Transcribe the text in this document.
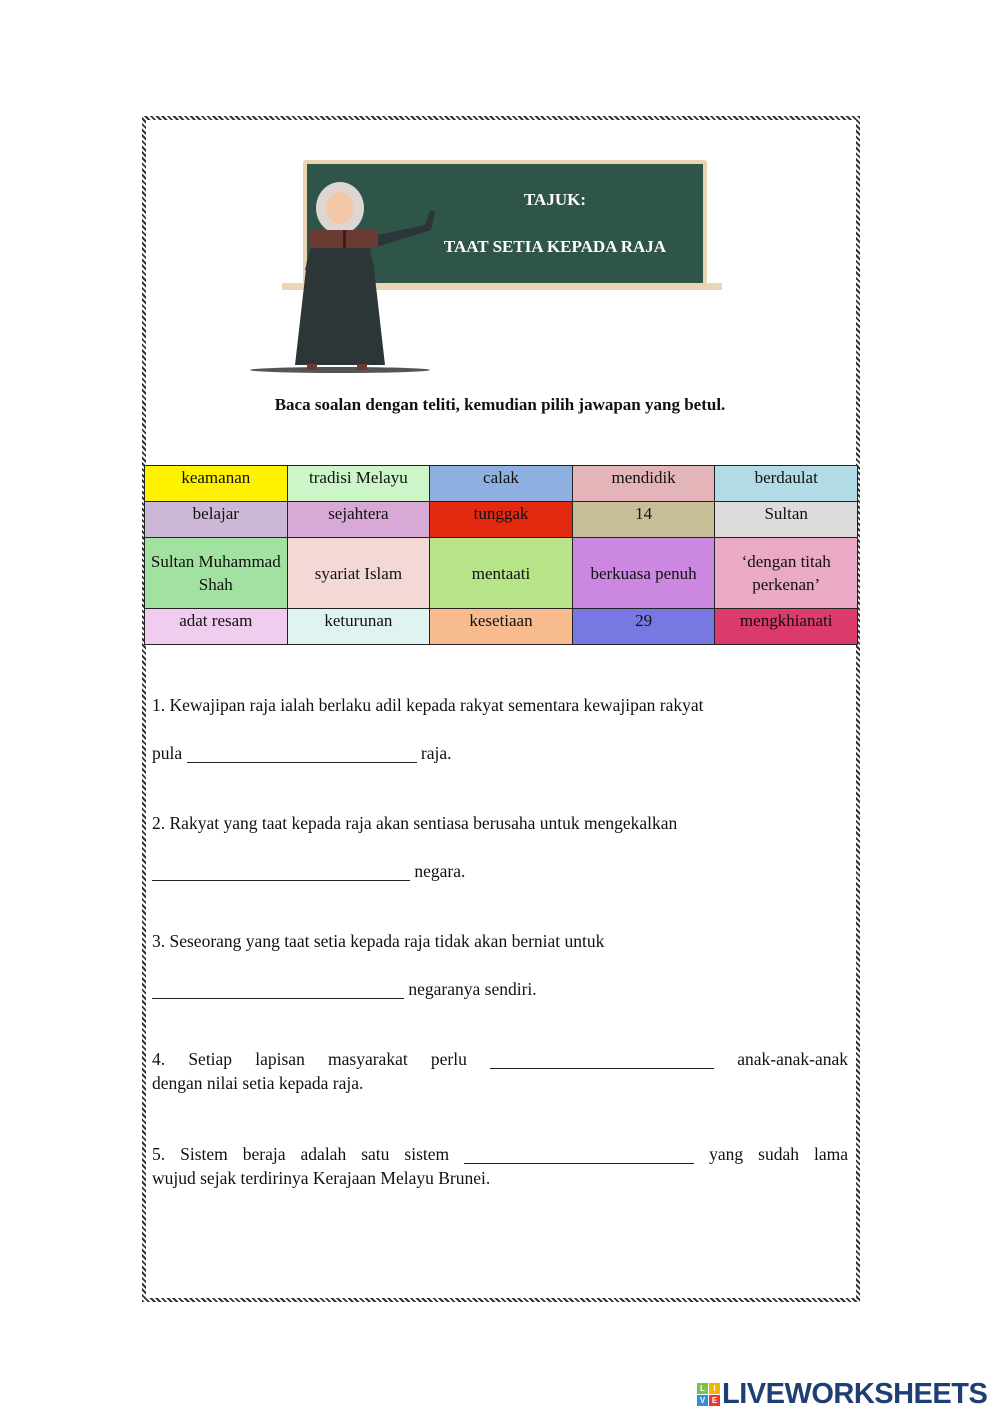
TAJUK:
TAAT SETIA KEPADA RAJA
Baca soalan dengan teliti, kemudian pilih jawapan yang betul.
keamanan	tradisi Melayu	calak	mendidik	berdaulat
belajar	sejahtera	tunggak	14	Sultan
Sultan Muhammad Shah	syariat Islam	mentaati	berkuasa penuh	‘dengan titah perkenan’
adat resam	keturunan	kesetiaan	29	mengkhianati
1. Kewajipan raja ialah berlaku adil kepada rakyat sementara kewajipan rakyat
pula	raja.
2. Rakyat yang taat kepada raja akan sentiasa berusaha untuk mengekalkan
negara.
3. Seseorang yang taat setia kepada raja tidak akan berniat untuk
negaranya sendiri.
4. Setiap lapisan masyarakat perlu	anak-anak-anak
dengan nilai setia kepada raja.
5. Sistem beraja adalah satu sistem	yang sudah lama
wujud sejak terdirinya Kerajaan Melayu Brunei.
L	I
V E LIVEWORKSHEETS
